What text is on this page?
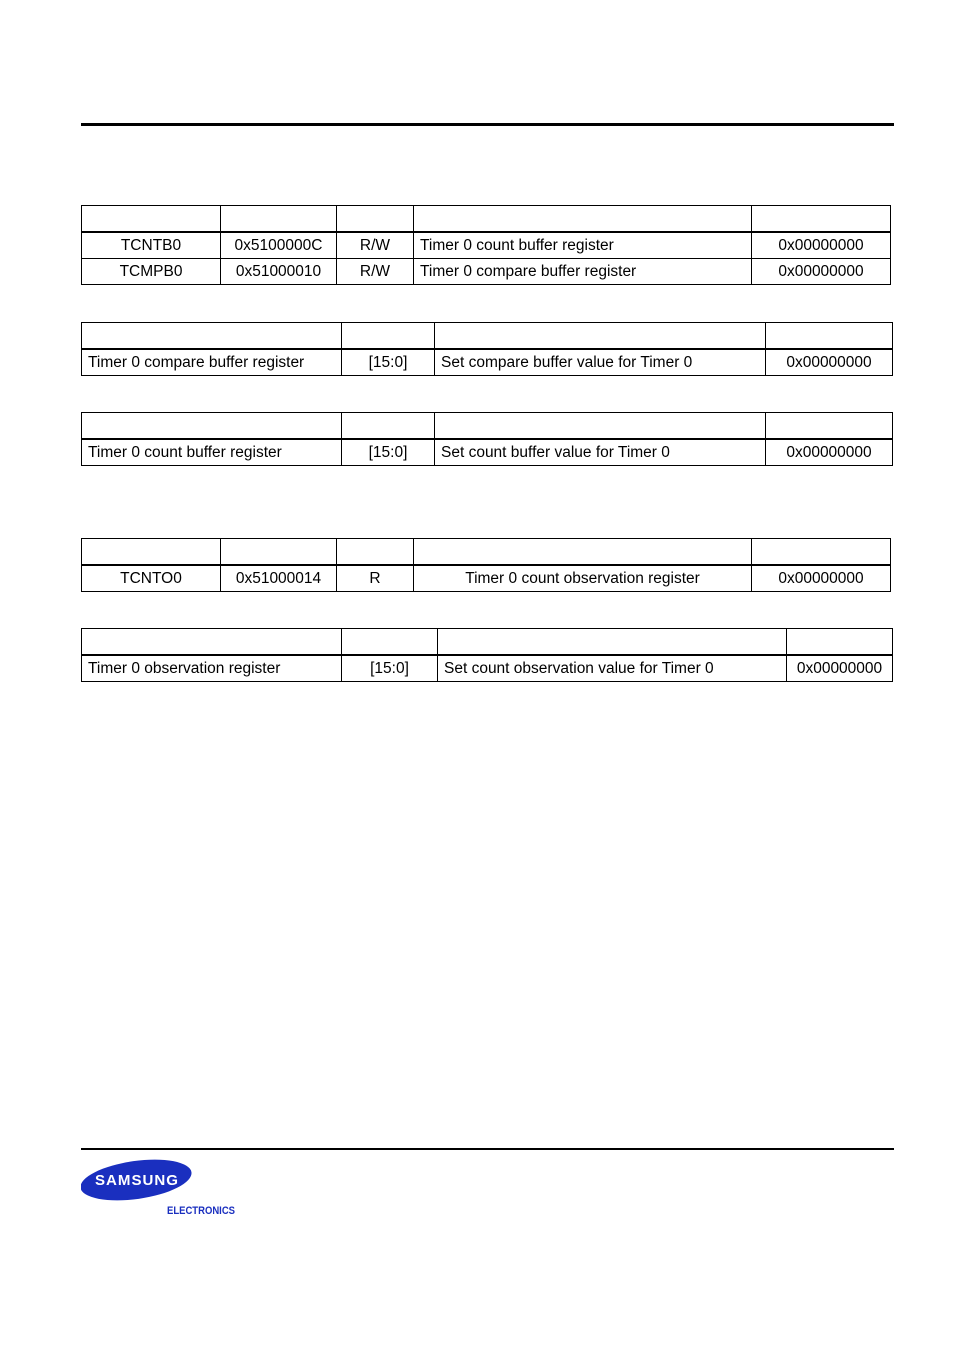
TCNTB0	0x5100000C	R/W	Timer 0 count buffer register	0x00000000
TCMPB0	0x51000010	R/W	Timer 0 compare buffer register	0x00000000

Timer 0 compare buffer register	[15:0]	Set compare buffer value for Timer 0	0x00000000

Timer 0 count buffer register	[15:0]	Set count buffer value for Timer 0	0x00000000

TCNTO0	0x51000014	R	Timer 0 count observation register	0x00000000

Timer 0 observation register	[15:0]	Set count observation value for Timer 0	0x00000000
SAMSUNG
ELECTRONICS
